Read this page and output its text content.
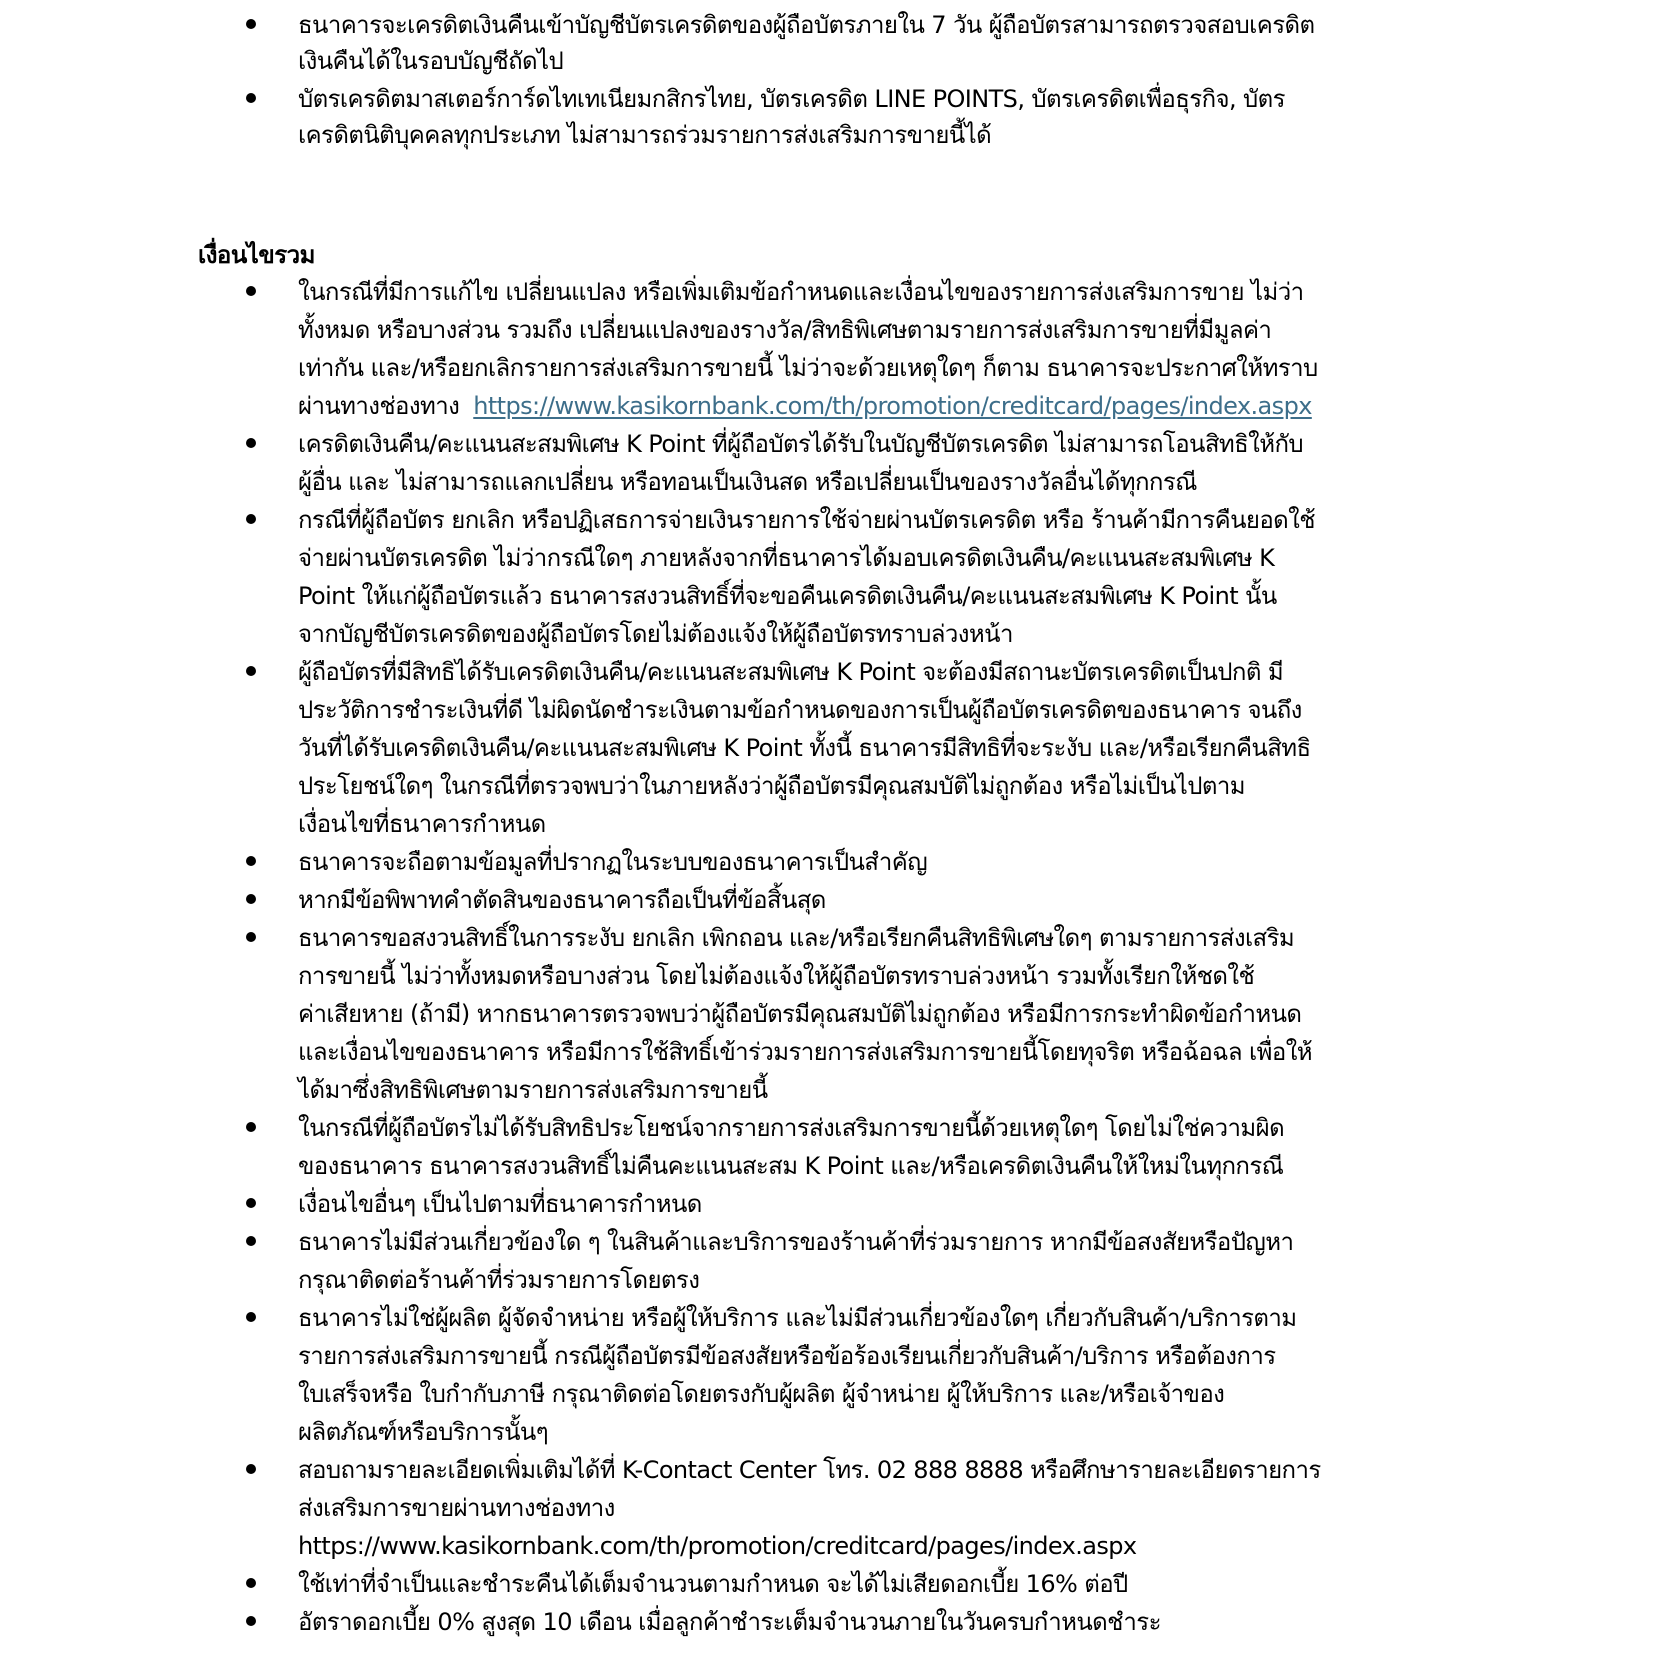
ธนาคารจะเครดิตเงินคืนเข้าบัญชีบัตรเครดิตของผู้ถือบัตรภายใน 7 วัน ผู้ถือบัตรสามารถตรวจสอบเครดิต
เงินคืนได้ในรอบบัญชีถัดไป
บัตรเครดิตมาสเตอร์การ์ดไทเทเนียมกสิกรไทย, บัตรเครดิต LINE POINTS, บัตรเครดิตเพื่อธุรกิจ, บัตร
เครดิตนิติบุคคลทุกประเภท ไม่สามารถร่วมรายการส่งเสริมการขายนี้ได้
เงื่อนไขรวม
ในกรณีที่มีการแก้ไข เปลี่ยนแปลง หรือเพิ่มเติมข้อกำหนดและเงื่อนไขของรายการส่งเสริมการขาย ไม่ว่า
ทั้งหมด หรือบางส่วน รวมถึง เปลี่ยนแปลงของรางวัล/สิทธิพิเศษตามรายการส่งเสริมการขายที่มีมูลค่า
เท่ากัน และ/หรือยกเลิกรายการส่งเสริมการขายนี้ ไม่ว่าจะด้วยเหตุใดๆ ก็ตาม ธนาคารจะประกาศให้ทราบ
ผ่านทางช่องทาง https://www.kasikornbank.com/th/promotion/creditcard/pages/index.aspx
เครดิตเงินคืน/คะแนนสะสมพิเศษ K Point ที่ผู้ถือบัตรได้รับในบัญชีบัตรเครดิต ไม่สามารถโอนสิทธิให้กับ
ผู้อื่น และ ไม่สามารถแลกเปลี่ยน หรือทอนเป็นเงินสด หรือเปลี่ยนเป็นของรางวัลอื่นได้ทุกกรณี
กรณีที่ผู้ถือบัตร ยกเลิก หรือปฏิเสธการจ่ายเงินรายการใช้จ่ายผ่านบัตรเครดิต หรือ ร้านค้ามีการคืนยอดใช้
จ่ายผ่านบัตรเครดิต ไม่ว่ากรณีใดๆ ภายหลังจากที่ธนาคารได้มอบเครดิตเงินคืน/คะแนนสะสมพิเศษ K
Point ให้แก่ผู้ถือบัตรแล้ว ธนาคารสงวนสิทธิ์ที่จะขอคืนเครดิตเงินคืน/คะแนนสะสมพิเศษ K Point นั้น
จากบัญชีบัตรเครดิตของผู้ถือบัตรโดยไม่ต้องแจ้งให้ผู้ถือบัตรทราบล่วงหน้า
ผู้ถือบัตรที่มีสิทธิได้รับเครดิตเงินคืน/คะแนนสะสมพิเศษ K Point จะต้องมีสถานะบัตรเครดิตเป็นปกติ มี
ประวัติการชำระเงินที่ดี ไม่ผิดนัดชำระเงินตามข้อกำหนดของการเป็นผู้ถือบัตรเครดิตของธนาคาร จนถึง
วันที่ได้รับเครดิตเงินคืน/คะแนนสะสมพิเศษ K Point ทั้งนี้ ธนาคารมีสิทธิที่จะระงับ และ/หรือเรียกคืนสิทธิ
ประโยชน์ใดๆ ในกรณีที่ตรวจพบว่าในภายหลังว่าผู้ถือบัตรมีคุณสมบัติไม่ถูกต้อง หรือไม่เป็นไปตาม
เงื่อนไขที่ธนาคารกำหนด
ธนาคารจะถือตามข้อมูลที่ปรากฏในระบบของธนาคารเป็นสำคัญ
หากมีข้อพิพาทคำตัดสินของธนาคารถือเป็นที่ข้อสิ้นสุด
ธนาคารขอสงวนสิทธิ์ในการระงับ ยกเลิก เพิกถอน และ/หรือเรียกคืนสิทธิพิเศษใดๆ ตามรายการส่งเสริม
การขายนี้ ไม่ว่าทั้งหมดหรือบางส่วน โดยไม่ต้องแจ้งให้ผู้ถือบัตรทราบล่วงหน้า รวมทั้งเรียกให้ชดใช้
ค่าเสียหาย (ถ้ามี) หากธนาคารตรวจพบว่าผู้ถือบัตรมีคุณสมบัติไม่ถูกต้อง หรือมีการกระทำผิดข้อกำหนด
และเงื่อนไขของธนาคาร หรือมีการใช้สิทธิ์เข้าร่วมรายการส่งเสริมการขายนี้โดยทุจริต หรือฉ้อฉล เพื่อให้
ได้มาซึ่งสิทธิพิเศษตามรายการส่งเสริมการขายนี้
ในกรณีที่ผู้ถือบัตรไม่ได้รับสิทธิประโยชน์จากรายการส่งเสริมการขายนี้ด้วยเหตุใดๆ โดยไม่ใช่ความผิด
ของธนาคาร ธนาคารสงวนสิทธิ์ไม่คืนคะแนนสะสม K Point และ/หรือเครดิตเงินคืนให้ใหม่ในทุกกรณี
เงื่อนไขอื่นๆ เป็นไปตามที่ธนาคารกำหนด
ธนาคารไม่มีส่วนเกี่ยวข้องใด ๆ ในสินค้าและบริการของร้านค้าที่ร่วมรายการ หากมีข้อสงสัยหรือปัญหา
กรุณาติดต่อร้านค้าที่ร่วมรายการโดยตรง
ธนาคารไม่ใช่ผู้ผลิต ผู้จัดจำหน่าย หรือผู้ให้บริการ และไม่มีส่วนเกี่ยวข้องใดๆ เกี่ยวกับสินค้า/บริการตาม
รายการส่งเสริมการขายนี้ กรณีผู้ถือบัตรมีข้อสงสัยหรือข้อร้องเรียนเกี่ยวกับสินค้า/บริการ หรือต้องการ
ใบเสร็จหรือ ใบกำกับภาษี กรุณาติดต่อโดยตรงกับผู้ผลิต ผู้จำหน่าย ผู้ให้บริการ และ/หรือเจ้าของ
ผลิตภัณฑ์หรือบริการนั้นๆ
สอบถามรายละเอียดเพิ่มเติมได้ที่ K-Contact Center โทร. 02 888 8888 หรือศึกษารายละเอียดรายการ
ส่งเสริมการขายผ่านทางช่องทาง
https://www.kasikornbank.com/th/promotion/creditcard/pages/index.aspx
ใช้เท่าที่จำเป็นและชำระคืนได้เต็มจำนวนตามกำหนด จะได้ไม่เสียดอกเบี้ย 16% ต่อปี
อัตราดอกเบี้ย 0% สูงสุด 10 เดือน เมื่อลูกค้าชำระเต็มจำนวนภายในวันครบกำหนดชำระ
